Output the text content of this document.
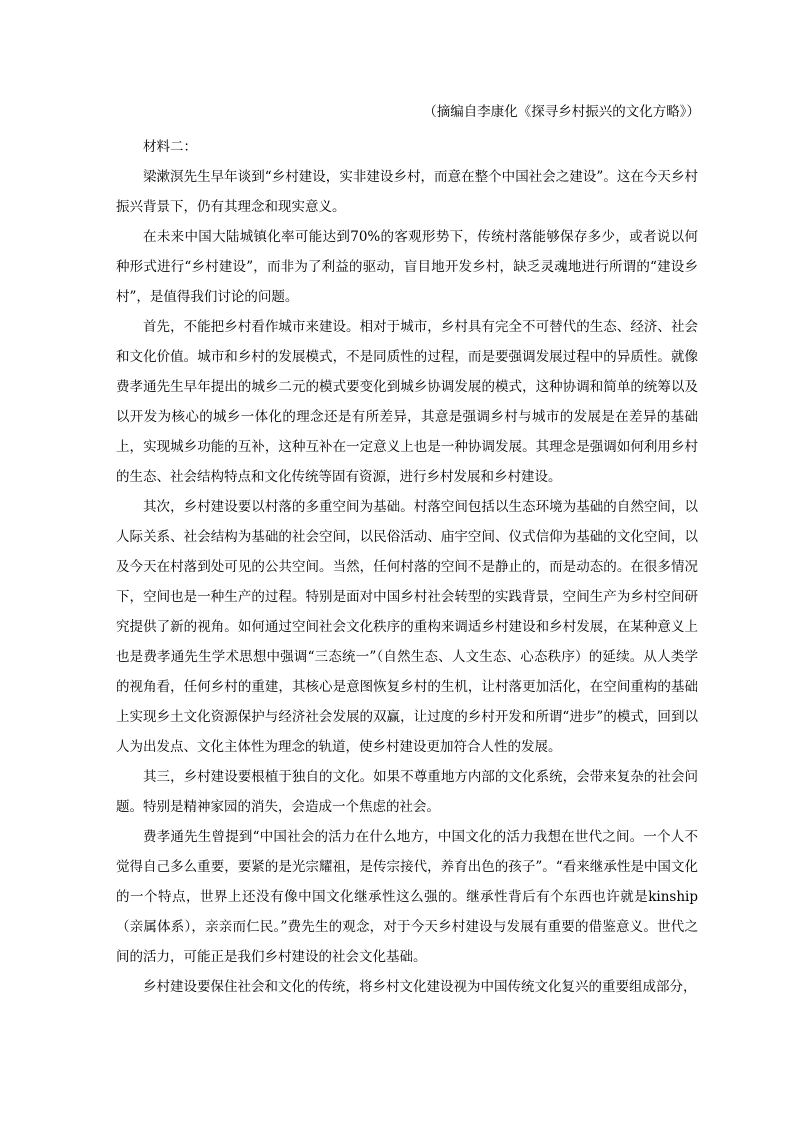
（摘编自李康化《探寻乡村振兴的文化方略》）

材料二：

梁漱溟先生早年谈到“乡村建设，实非建设乡村，而意在整个中国社会之建设”。这在今天乡村振兴背景下，仍有其理念和现实意义。

在未来中国大陆城镇化率可能达到70%的客观形势下，传统村落能够保存多少，或者说以何种形式进行“乡村建设”，而非为了利益的驱动，盲目地开发乡村，缺乏灵魂地进行所谓的“建设乡村”，是值得我们讨论的问题。

首先，不能把乡村看作城市来建设。相对于城市，乡村具有完全不可替代的生态、经济、社会和文化价值。城市和乡村的发展模式，不是同质性的过程，而是要强调发展过程中的异质性。就像费孝通先生早年提出的城乡二元的模式要变化到城乡协调发展的模式，这种协调和简单的统筹以及以开发为核心的城乡一体化的理念还是有所差异，其意是强调乡村与城市的发展是在差异的基础上，实现城乡功能的互补，这种互补在一定意义上也是一种协调发展。其理念是强调如何利用乡村的生态、社会结构特点和文化传统等固有资源，进行乡村发展和乡村建设。

其次，乡村建设要以村落的多重空间为基础。村落空间包括以生态环境为基础的自然空间，以人际关系、社会结构为基础的社会空间，以民俗活动、庙宇空间、仪式信仰为基础的文化空间，以及今天在村落到处可见的公共空间。当然，任何村落的空间不是静止的，而是动态的。在很多情况下，空间也是一种生产的过程。特别是面对中国乡村社会转型的实践背景，空间生产为乡村空间研究提供了新的视角。如何通过空间社会文化秩序的重构来调适乡村建设和乡村发展，在某种意义上也是费孝通先生学术思想中强调“三态统一”（自然生态、人文生态、心态秩序）的延续。从人类学的视角看，任何乡村的重建，其核心是意图恢复乡村的生机，让村落更加活化，在空间重构的基础上实现乡土文化资源保护与经济社会发展的双赢，让过度的乡村开发和所谓“进步”的模式，回到以人为出发点、文化主体性为理念的轨道，使乡村建设更加符合人性的发展。

其三，乡村建设要根植于独自的文化。如果不尊重地方内部的文化系统，会带来复杂的社会问题。特别是精神家园的消失，会造成一个焦虑的社会。

费孝通先生曾提到“中国社会的活力在什么地方，中国文化的活力我想在世代之间。一个人不觉得自己多么重要，要紧的是光宗耀祖，是传宗接代，养育出色的孩子”。“看来继承性是中国文化的一个特点，世界上还没有像中国文化继承性这么强的。继承性背后有个东西也许就是kinship（亲属体系），亲亲而仁民。”费先生的观念，对于今天乡村建设与发展有重要的借鉴意义。世代之间的活力，可能正是我们乡村建设的社会文化基础。

乡村建设要保住社会和文化的传统，将乡村文化建设视为中国传统文化复兴的重要组成部分，
